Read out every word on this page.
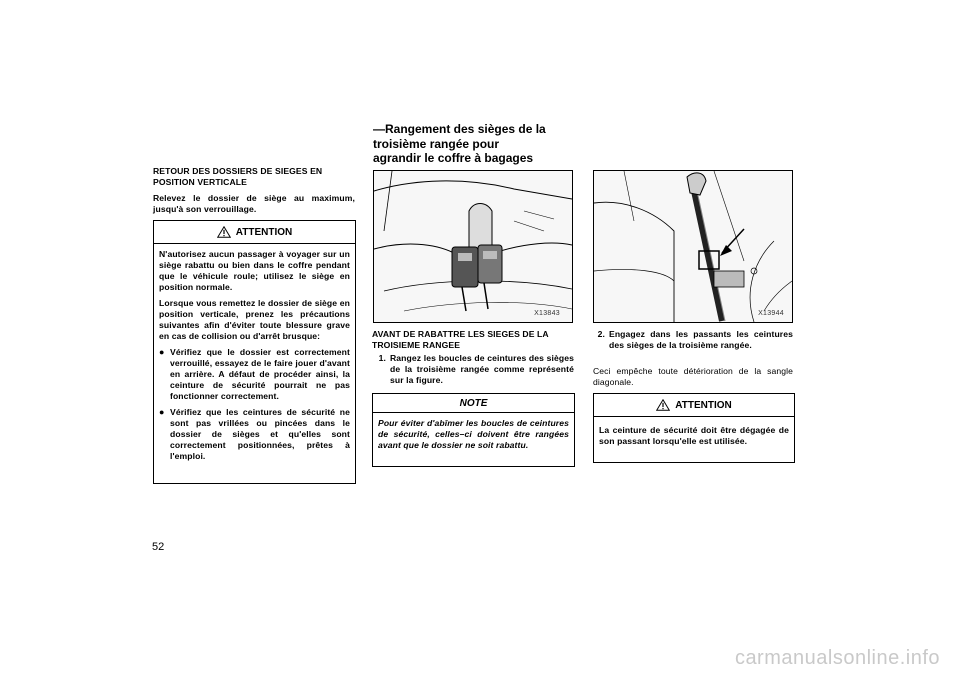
—Rangement des sièges de la
troisième rangée pour
agrandir le coffre à bagages
RETOUR DES DOSSIERS DE SIEGES EN
POSITION VERTICALE
Relevez le dossier de siège au maximum, jusqu'à son verrouillage.
ATTENTION
N'autorisez aucun passager à voyager sur un siège rabattu ou bien dans le coffre pendant que le véhicule roule; utilisez le siège en position normale.
Lorsque vous remettez le dossier de siège en position verticale, prenez les précautions suivantes afin d'éviter toute blessure grave en cas de collision ou d'arrêt brusque:
● Vérifiez que le dossier est correctement verrouillé, essayez de le faire jouer d'avant en arrière. A défaut de procéder ainsi, la ceinture de sécurité pourrait ne pas fonctionner correctement.
● Vérifiez que les ceintures de sécurité ne sont pas vrillées ou pincées dans le dossier de sièges et qu'elles sont correctement positionnées, prêtes à l'emploi.
52
X13843
AVANT DE RABATTRE LES SIEGES DE LA
TROISIEME RANGEE
1. Rangez les boucles de ceintures des sièges de la troisième rangée comme représenté sur la figure.
NOTE
Pour éviter d'abîmer les boucles de ceintures de sécurité, celles–ci doivent être rangées avant que le dossier ne soit rabattu.
X13944
2. Engagez dans les passants les ceintures des sièges de la troisième rangée.
Ceci empêche toute détérioration de la sangle diagonale.
ATTENTION
La ceinture de sécurité doit être dégagée de son passant lorsqu'elle est utilisée.
carmanualsonline.info
